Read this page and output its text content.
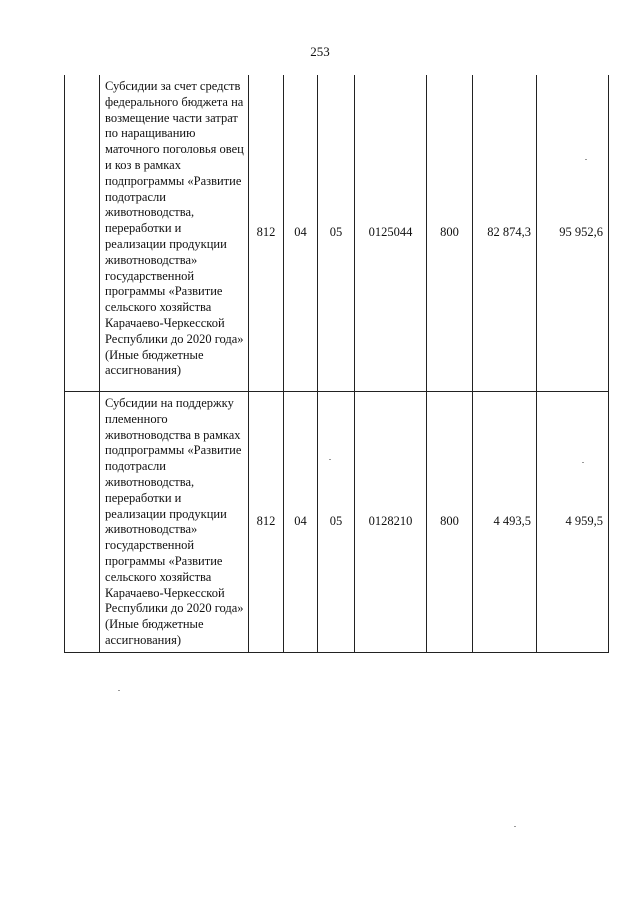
253
	Субсидии за счет средств федерального бюджета на возмещение части затрат по наращиванию маточного поголовья овец и коз в рамках подпрограммы «Развитие подотрасли животноводства, переработки и реализации продукции животноводства» государственной программы «Развитие сельского хозяйства Карачаево-Черкесской Республики до 2020 года» (Иные бюджетные ассигнования)	812	04	05	0125044	800	82 874,3	95 952,6
	Субсидии на поддержку племенного животноводства в рамках подпрограммы «Развитие подотрасли животноводства, переработки и реализации продукции животноводства» государственной программы «Развитие сельского хозяйства Карачаево-Черкесской Республики до 2020 года» (Иные бюджетные ассигнования)	812	04	05	0128210	800	4 493,5	4 959,5
